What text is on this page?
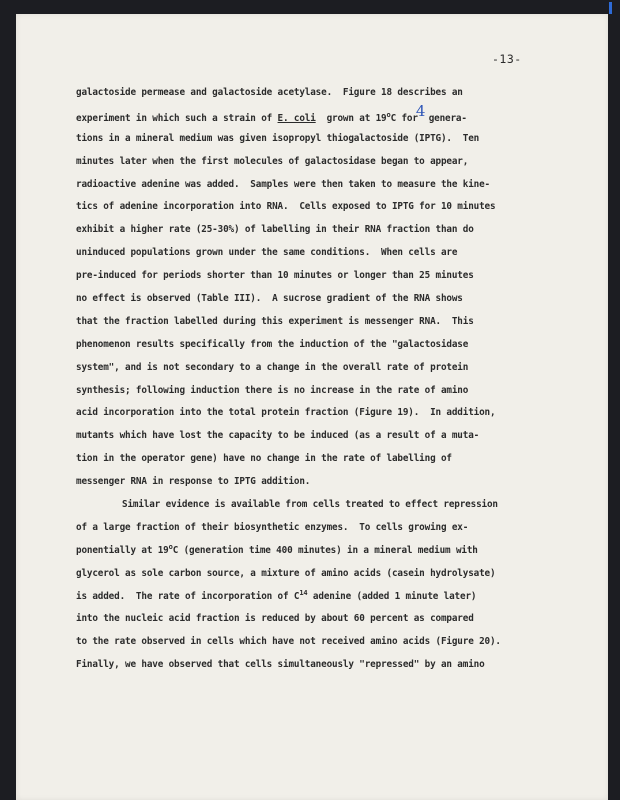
-13-
galactoside permease and galactoside acetylase.  Figure 18 describes an
experiment in which such a strain of E. coli  grown at 19$^o$C for4 genera-
tions in a mineral medium was given isopropyl thiogalactoside (IPTG).  Ten
minutes later when the first molecules of galactosidase began to appear,
radioactive adenine was added.  Samples were then taken to measure the kine-
tics of adenine incorporation into RNA.  Cells exposed to IPTG for 10 minutes
exhibit a higher rate (25-30%) of labelling in their RNA fraction than do
uninduced populations grown under the same conditions.  When cells are
pre-induced for periods shorter than 10 minutes or longer than 25 minutes
no effect is observed (Table III).  A sucrose gradient of the RNA shows
that the fraction labelled during this experiment is messenger RNA.  This
phenomenon results specifically from the induction of the "galactosidase
system", and is not secondary to a change in the overall rate of protein
synthesis; following induction there is no increase in the rate of amino
acid incorporation into the total protein fraction (Figure 19).  In addition,
mutants which have lost the capacity to be induced (as a result of a muta-
tion in the operator gene) have no change in the rate of labelling of
messenger RNA in response to IPTG addition.
Similar evidence is available from cells treated to effect repression
of a large fraction of their biosynthetic enzymes.  To cells growing ex-
ponentially at 19$^o$C (generation time 400 minutes) in a mineral medium with
glycerol as sole carbon source, a mixture of amino acids (casein hydrolysate)
is added.  The rate of incorporation of $C^{14}$ adenine (added 1 minute later)
into the nucleic acid fraction is reduced by about 60 percent as compared
to the rate observed in cells which have not received amino acids (Figure 20).
Finally, we have observed that cells simultaneously "repressed" by an amino
